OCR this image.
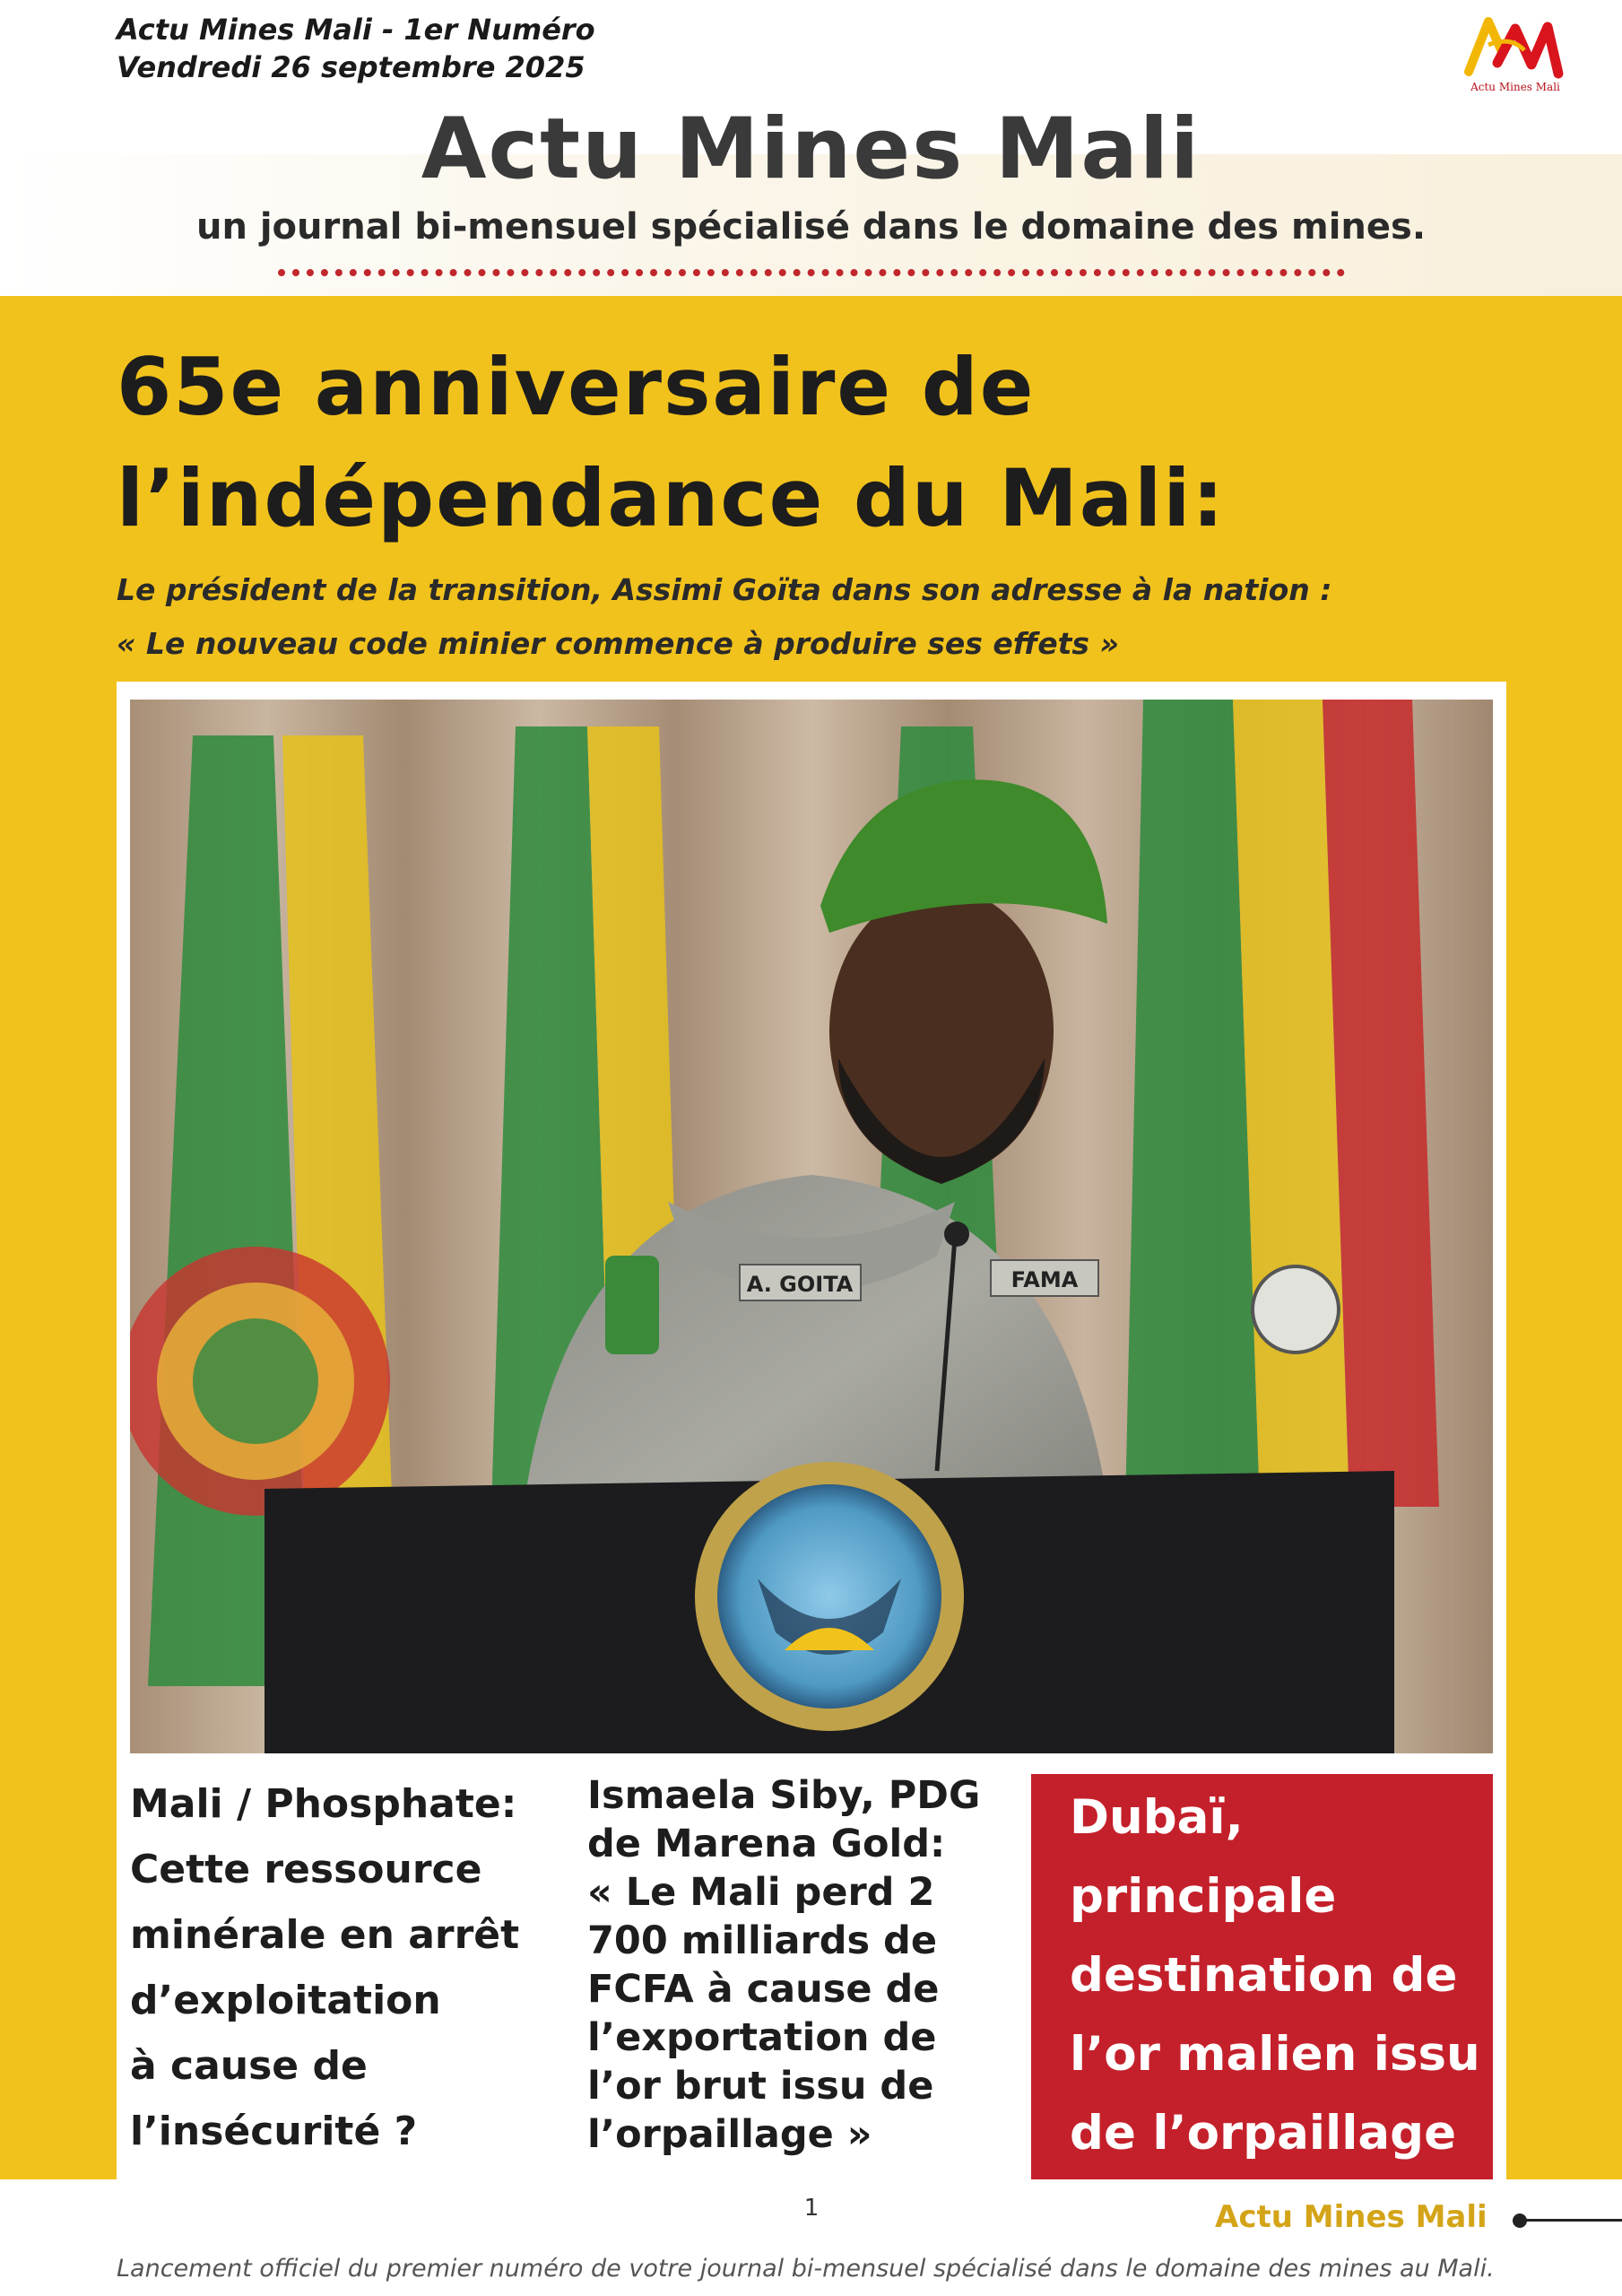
Actu Mines Mali - 1er Numéro
Vendredi 26 septembre 2025
Actu Mines Mali
Actu Mines Mali
un journal bi-mensuel spécialisé dans le domaine des mines.
65e anniversaire de
l’indépendance du Mali:
Le président de la transition, Assimi Goïta dans son adresse à la nation :
« Le nouveau code minier commence à produire ses effets »
A. GOITA	FAMA
Mali / Phosphate:
Cette ressource
minérale en arrêt
d’exploitation
à cause de
l’insécurité ?
Ismaela Siby, PDG
de Marena Gold:
« Le Mali perd 2
700 milliards de
FCFA à cause de
l’exportation de
l’or brut issu de
l’orpaillage »
Dubaï,
principale
destination de
l’or malien issu
de l’orpaillage
1	Actu Mines Mali
Lancement officiel du premier numéro de votre journal bi-mensuel spécialisé dans le domaine des mines au Mali.
